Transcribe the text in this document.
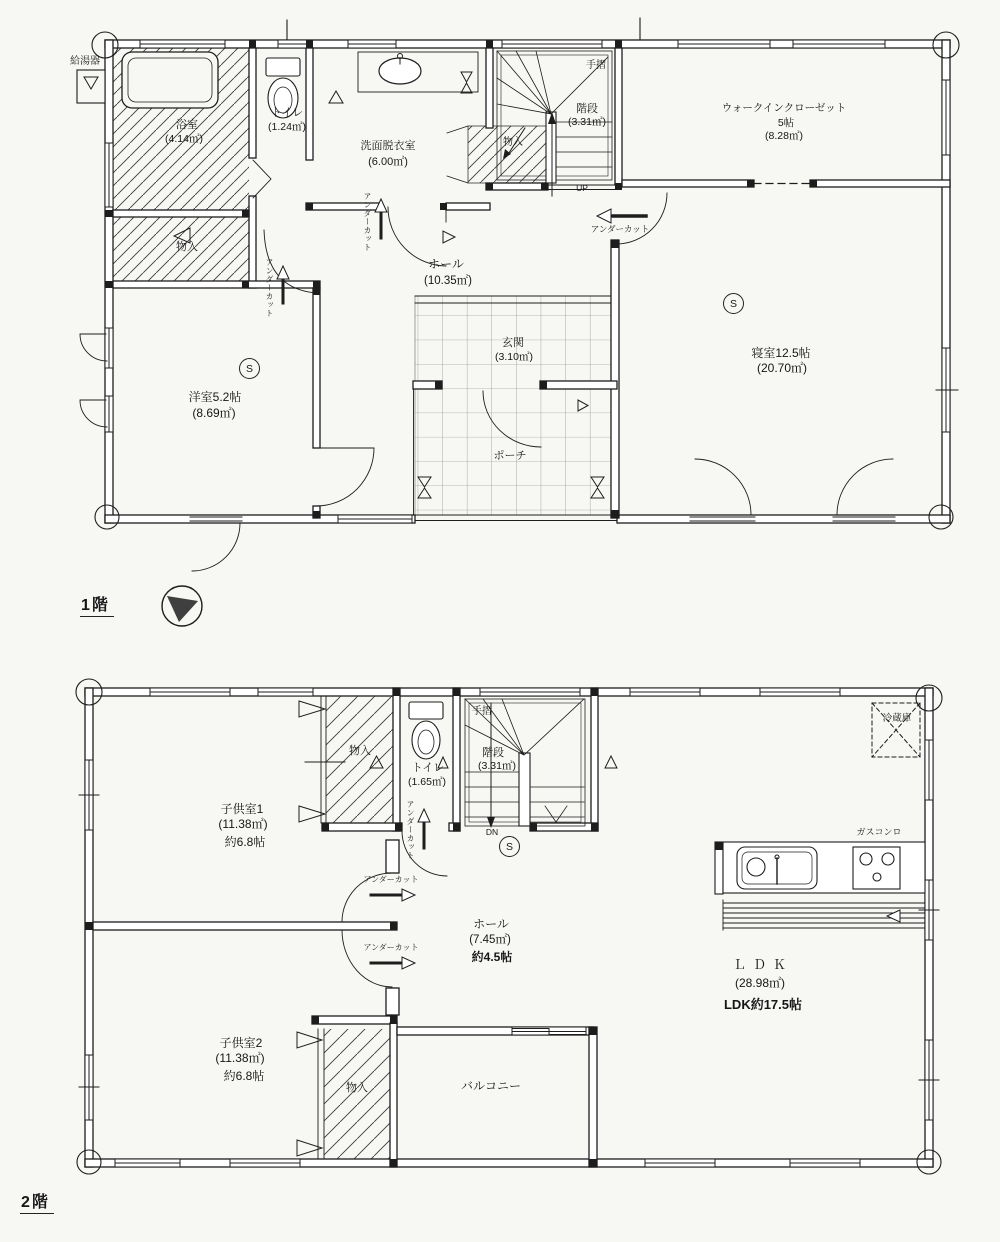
給湯器
浴室
(4.14㎡)
物入
トイレ
(1.24㎡)
洗面脱衣室
(6.00㎡)
手摺
階段
(3.31㎡)
UP
物入
ウォークインクローゼット
5帖
(8.28㎡)
寝室12.5帖
(20.70㎡)
洋室5.2帖
(8.69㎡)
ホール
(10.35㎡)
玄関
(3.10㎡)
ポーチ
アンダーカット
アンダーカット
アンダーカット
S
S
1階
子供室1
(11.38㎡)
約6.8帖
物入
トイレ
(1.65㎡)
手摺
階段
(3.31㎡)
DN
S
冷蔵庫
ガスコンロ
ホール
(7.45㎡)
約4.5帖	ＬＤＫ
(28.98㎡)
LDK約17.5帖
子供室2
(11.38㎡)
約6.8帖
物入	バルコニー
アンダーカット
アンダーカット
アンダーカット
2階
